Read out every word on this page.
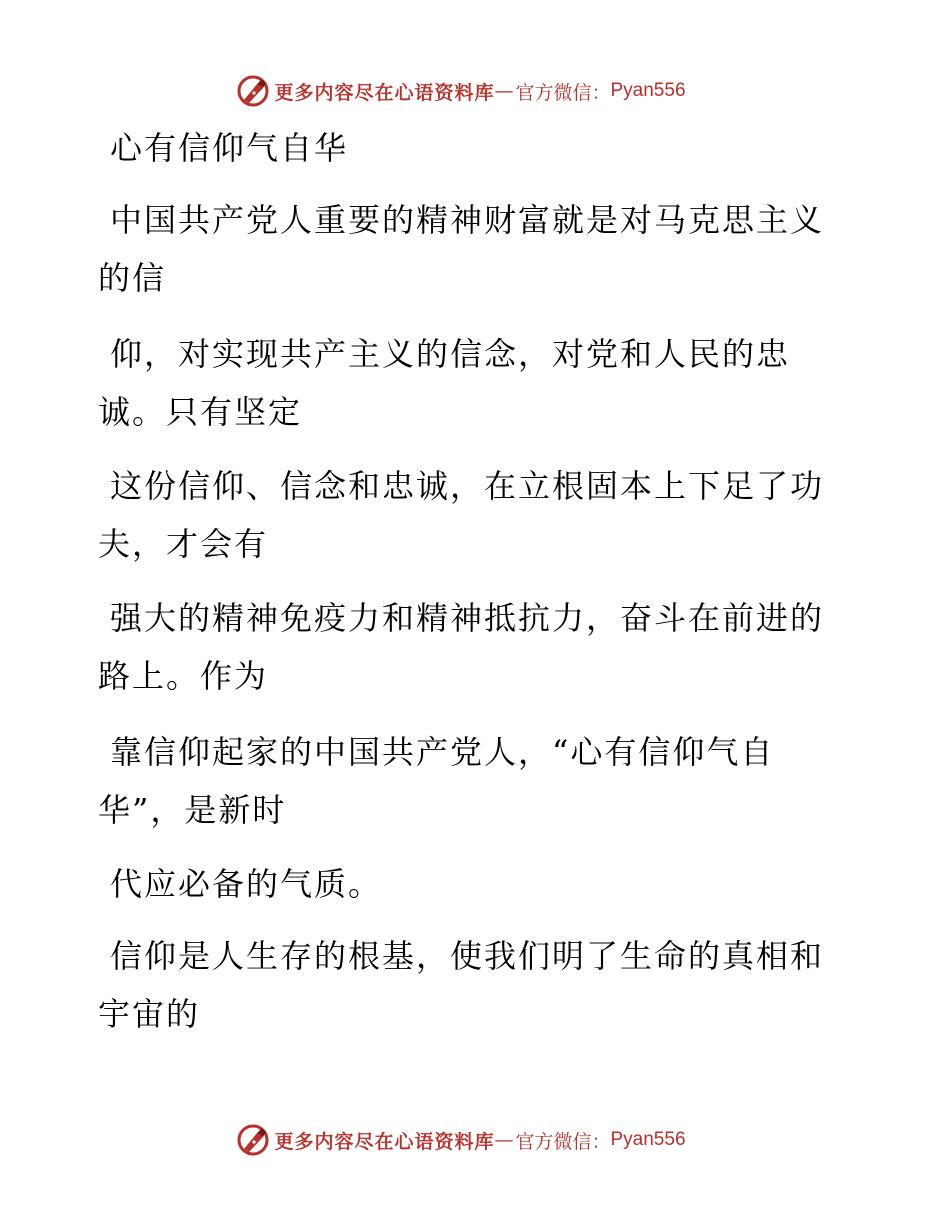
更多内容尽在心语资料库 — 官方微信： Pyan556
心有信仰气自华
中国共产党人重要的精神财富就是对马克思主义
的信
仰，对实现共产主义的信念，对党和人民的忠
诚。只有坚定
这份信仰、信念和忠诚，在立根固本上下足了功
夫，才会有
强大的精神免疫力和精神抵抗力，奋斗在前进的
路上。作为
靠信仰起家的中国共产党人，“心有信仰气自
华”，是新时
代应必备的气质。
信仰是人生存的根基，使我们明了生命的真相和
宇宙的
更多内容尽在心语资料库 — 官方微信： Pyan556
